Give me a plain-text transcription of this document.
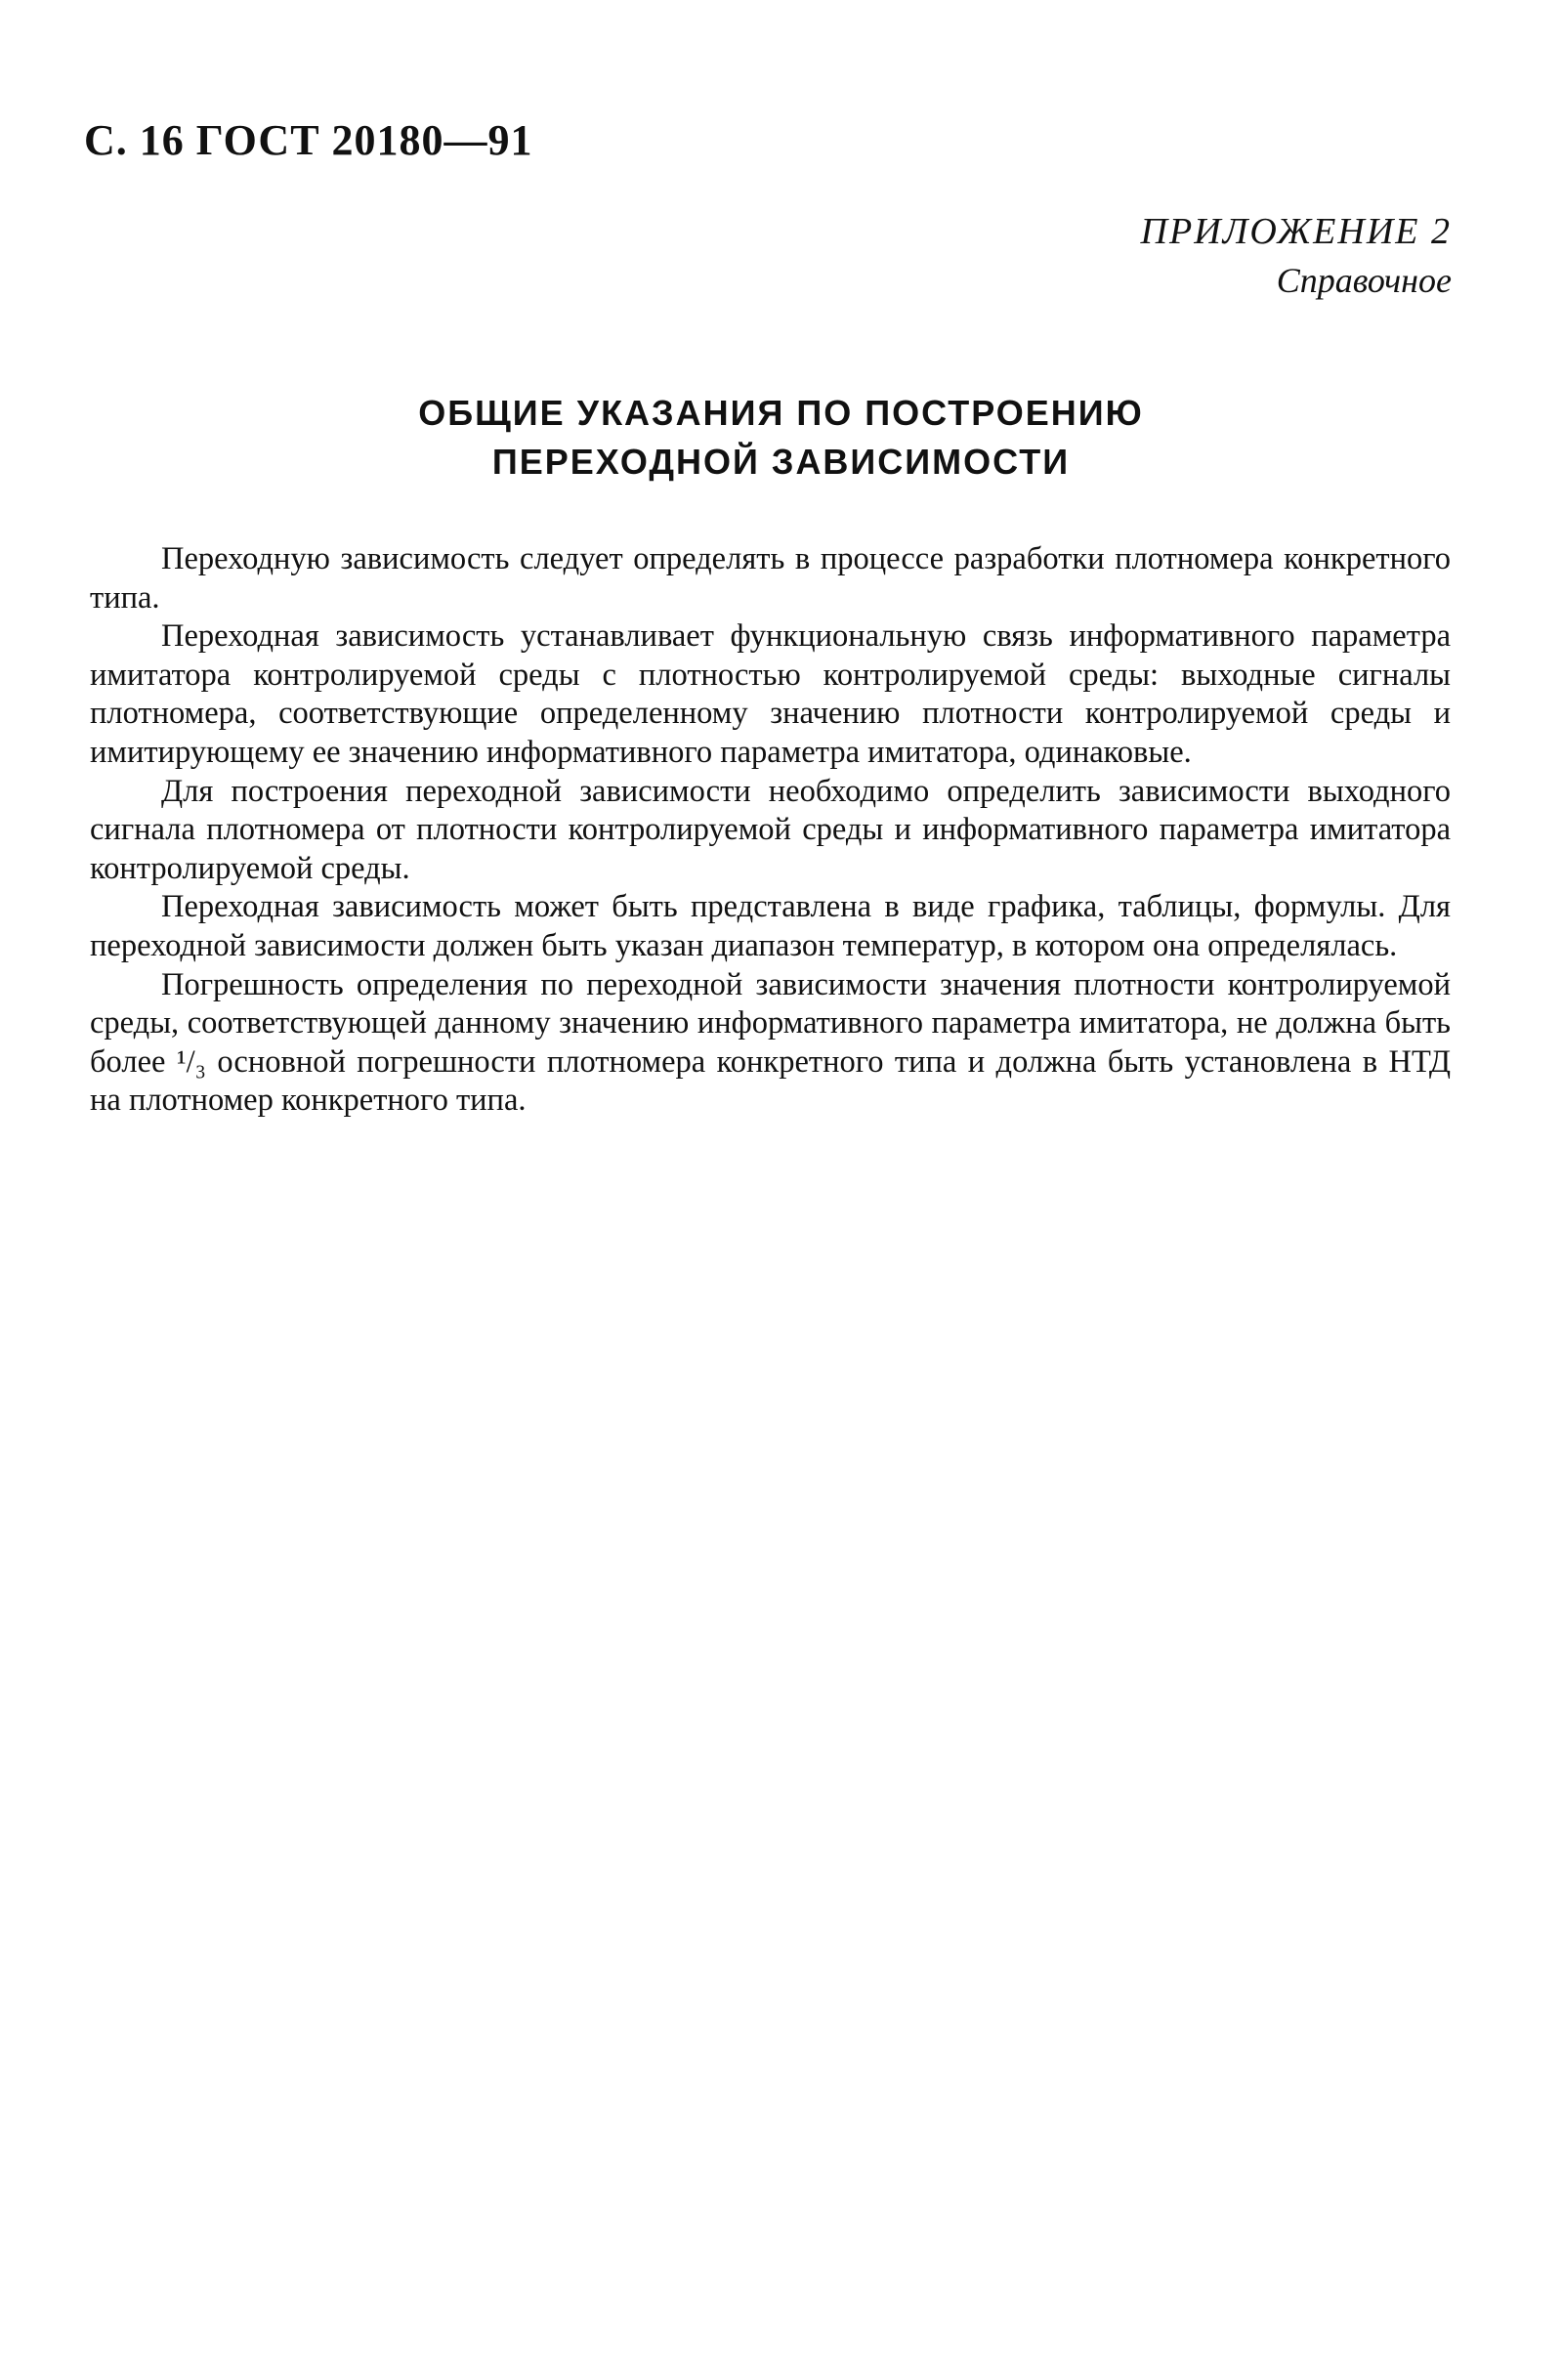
С. 16 ГОСТ 20180—91
ПРИЛОЖЕНИЕ 2
Справочное
ОБЩИЕ УКАЗАНИЯ ПО ПОСТРОЕНИЮ
ПЕРЕХОДНОЙ ЗАВИСИМОСТИ

Переходную зависимость следует определять в процессе разработки плотномера конкретного типа.

Переходная зависимость устанавливает функциональную связь информативного параметра имитатора контролируемой среды с плотностью контролируемой среды: выходные сигналы плотномера, соответствующие определенному значению плотности контролируемой среды и имитирующему ее значению информативного параметра имитатора, одинаковые.

Для построения переходной зависимости необходимо определить зависимости выходного сигнала плотномера от плотности контролируемой среды и информативного параметра имитатора контролируемой среды.

Переходная зависимость может быть представлена в виде графика, таблицы, формулы. Для переходной зависимости должен быть указан диапазон температур, в котором она определялась.

Погрешность определения по переходной зависимости значения плотности контролируемой среды, соответствующей данному значению информативного параметра имитатора, не должна быть более ¹/₃ основной погрешности плотномера конкретного типа и должна быть установлена в НТД на плотномер конкретного типа.
